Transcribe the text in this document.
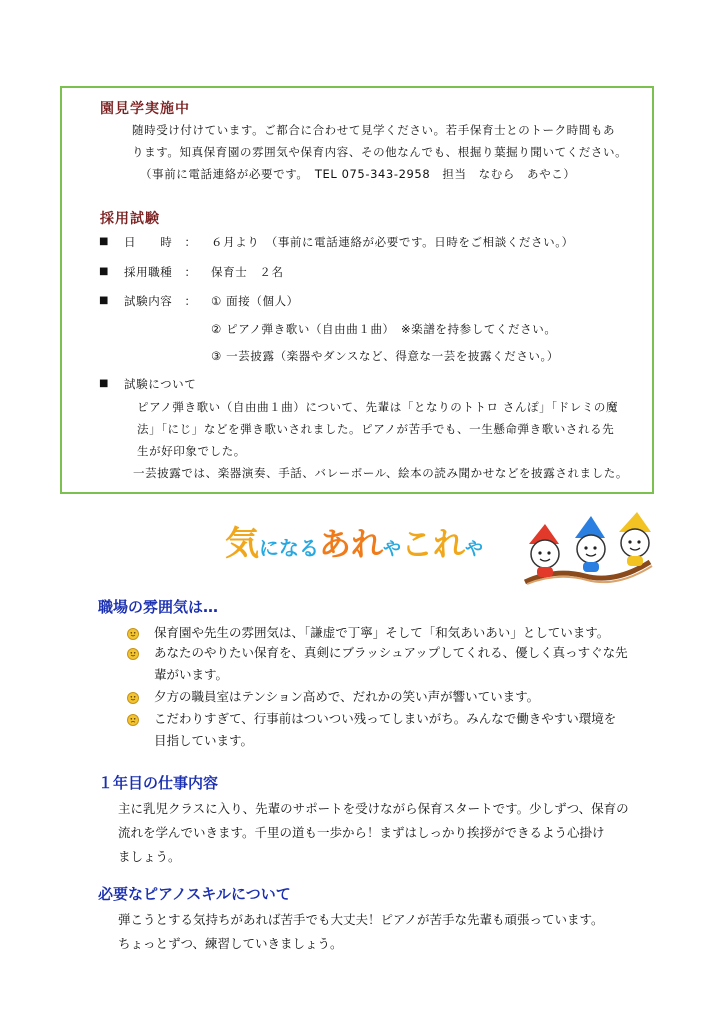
園見学実施中
随時受け付けています。ご都合に合わせて見学ください。若手保育士とのトーク時間もあ
ります。知真保育園の雰囲気や保育内容、その他なんでも、根掘り葉掘り聞いてください。
（事前に電話連絡が必要です。　TEL 075-343-2958　担当　なむら　あやこ）
採用試験
■ 日　　時　： ６月より　（事前に電話連絡が必要です。日時をご相談ください。）
■ 採用職種　： 保育士　２名
■ 試験内容　： ① 面接（個人）
② ピアノ弾き歌い（自由曲１曲）　※楽譜を持参してください。
③ 一芸披露（楽器やダンスなど、得意な一芸を披露ください。）
■ 試験について
ピアノ弾き歌い（自由曲１曲）について、先輩は「となりのトトロ さんぽ」「ドレミの魔
法」「にじ」などを弾き歌いされました。ピアノが苦手でも、一生懸命弾き歌いされる先
生が好印象でした。
一芸披露では、楽器演奏、手話、バレーボール、絵本の読み聞かせなどを披露されました。
気になるあれやこれや
職場の雰囲気は…
保育園や先生の雰囲気は、「謙虚で丁寧」そして「和気あいあい」としています。
あなたのやりたい保育を、真剣にブラッシュアップしてくれる、優しく真っすぐな先
輩がいます。
夕方の職員室はテンション高めで、だれかの笑い声が響いています。
こだわりすぎて、行事前はついつい残ってしまいがち。みんなで働きやすい環境を
目指しています。
１年目の仕事内容
主に乳児クラスに入り、先輩のサポートを受けながら保育スタートです。少しずつ、保育の
流れを学んでいきます。千里の道も一歩から！まずはしっかり挨拶ができるよう心掛け
ましょう。
必要なピアノスキルについて
弾こうとする気持ちがあれば苦手でも大丈夫！ピアノが苦手な先輩も頑張っています。
ちょっとずつ、練習していきましょう。
